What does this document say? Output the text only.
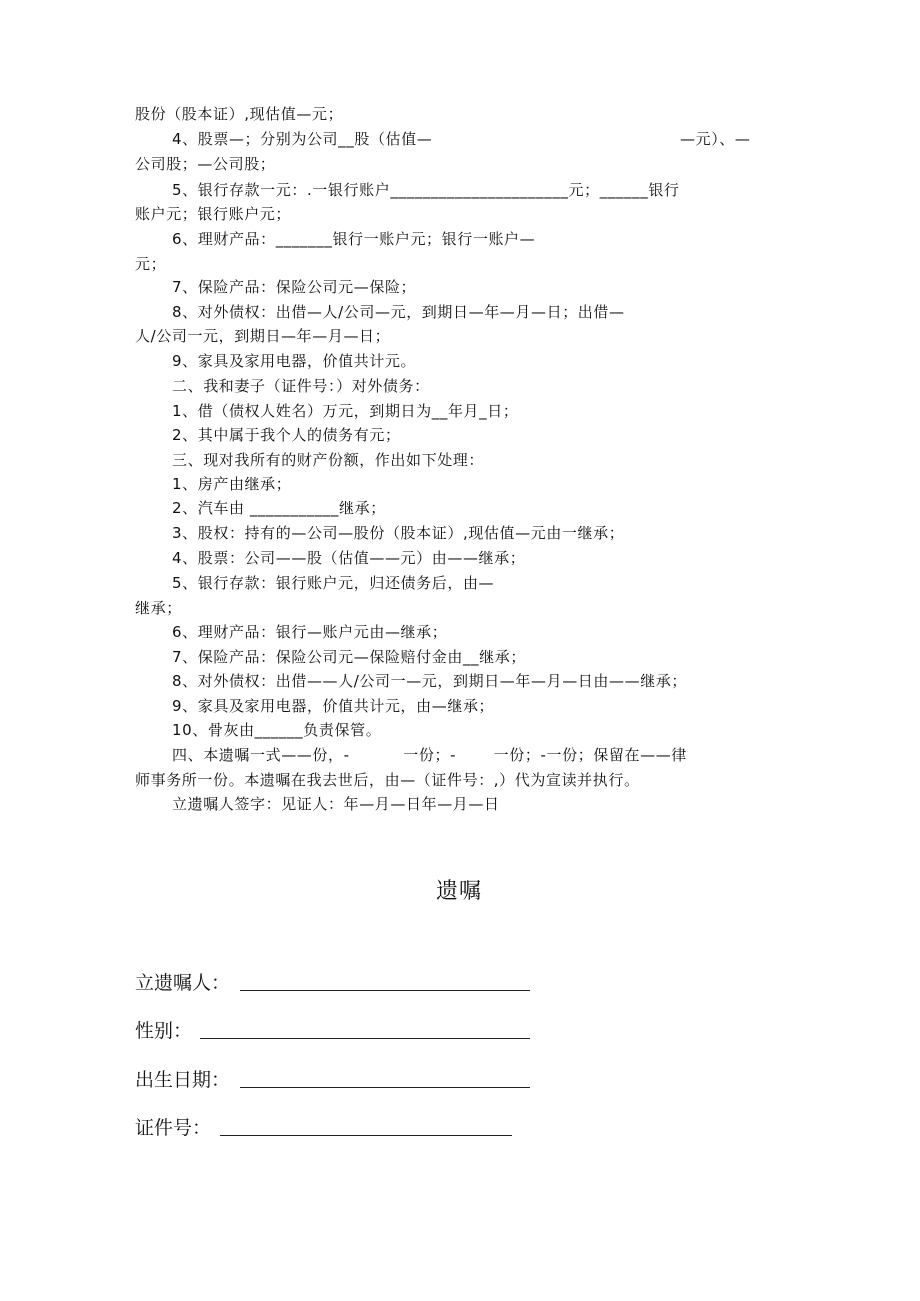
股份（股本证）,现估值—元；
4、股票—；分别为公司__股（估值—	—元）、—
公司股；—公司股；
5、银行存款一元：.一银行账户______________________元；______银行
账户元；银行账户元；
6、理财产品：_______银行一账户元；银行一账户—
元；
7、保险产品：保险公司元—保险；
8、对外债权：出借—人/公司—元，到期日—年—月—日；出借—
人/公司一元，到期日—年—月—日；
9、家具及家用电器，价值共计元。
二、我和妻子（证件号：）对外债务：
1、借（债权人姓名）万元，到期日为__年月_日；
2、其中属于我个人的债务有元；
三、现对我所有的财产份额，作出如下处理：
1、房产由继承；
2、汽车由 ___________继承；
3、股权：持有的—公司—股份（股本证）,现估值—元由一继承；
4、股票：公司——股（估值——元）由——继承；
5、银行存款：银行账户元，归还债务后，由—
继承；
6、理财产品：银行—账户元由—继承；
7、保险产品：保险公司元—保险赔付金由__继承；
8、对外债权：出借——人/公司一—元，到期日—年—月—日由——继承；
9、家具及家用电器，价值共计元，由—继承；
10、骨灰由______负责保管。
四、本遗嘱一式——份，-          一份；-       一份；-一份；保留在——律
师事务所一份。本遗嘱在我去世后，由—（证件号：,）代为宣读并执行。
立遗嘱人签字：见证人：年—月—日年—月—日
遗嘱
立遗嘱人：
性别：
出生日期：
证件号：
